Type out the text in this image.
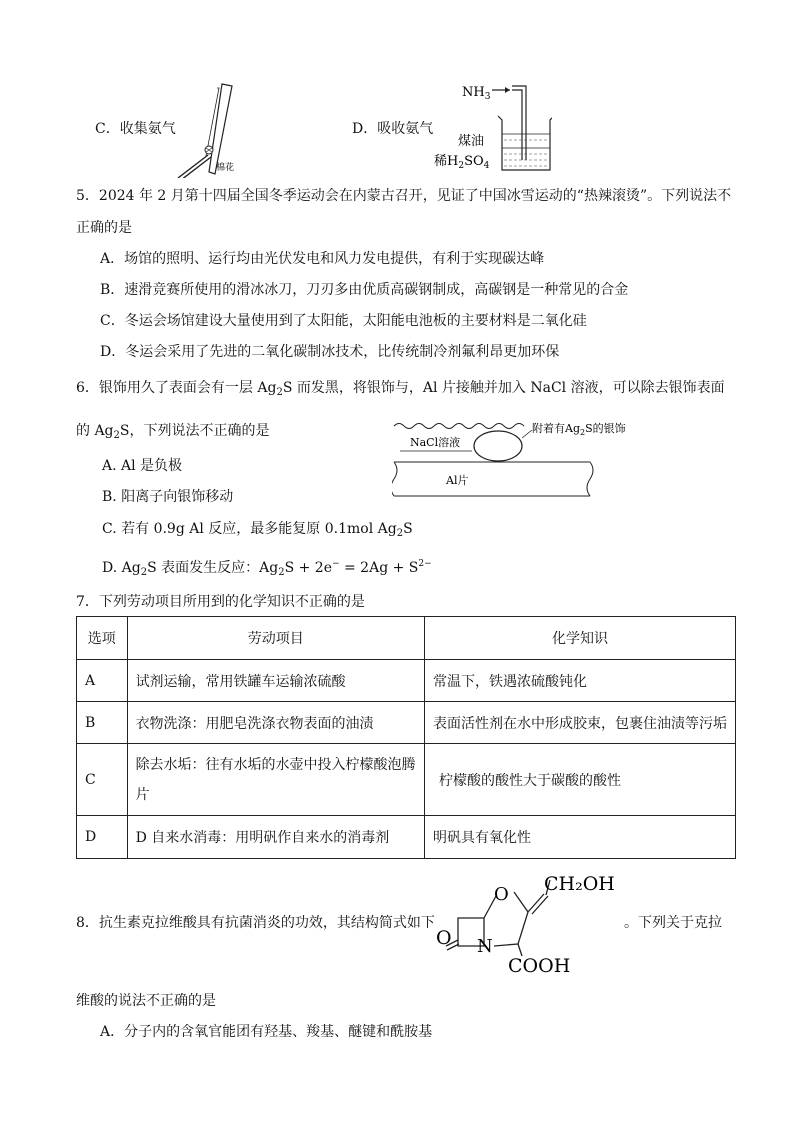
C．收集氨气
棉花
D．吸收氨气
$NH_3$
煤油
稀$H_2SO_4$
5．2024 年 2 月第十四届全国冬季运动会在内蒙古召开，见证了中国冰雪运动的“热辣滚烫”。下列说法不
正确的是
A．场馆的照明、运行均由光伏发电和风力发电提供，有利于实现碳达峰
B．速滑竞赛所使用的滑冰冰刀，刀刃多由优质高碳钢制成，高碳钢是一种常见的合金
C．冬运会场馆建设大量使用到了太阳能，太阳能电池板的主要材料是二氧化硅
D．冬运会采用了先进的二氧化碳制冰技术，比传统制冷剂氟利昂更加环保
6．银饰用久了表面会有一层 $Ag_2S$ 而发黑，将银饰与，Al 片接触并加入 NaCl 溶液，可以除去银饰表面
的 $Ag_2S$，下列说法不正确的是
NaCl溶液
附着有$Ag_2S$的银饰
Al片
A. Al 是负极
B. 阳离子向银饰移动
C. 若有 0.9g Al 反应，最多能复原 0.1mol $Ag_2S$
D. $Ag_2S$ 表面发生反应：$Ag_2S + 2e^- = 2Ag + S^{2-}$
7．下列劳动项目所用到的化学知识不正确的是
选项	劳动项目	化学知识
A	试剂运输，常用铁罐车运输浓硫酸	常温下，铁遇浓硫酸钝化
B	衣物洗涤：用肥皂洗涤衣物表面的油渍	表面活性剂在水中形成胶束，包裹住油渍等污垢
C	除去水垢：往有水垢的水壶中投入柠檬酸泡腾片	柠檬酸的酸性大于碳酸的酸性
D	D 自来水消毒：用明矾作自来水的消毒剂	明矾具有氧化性
8．抗生素克拉维酸具有抗菌消炎的功效，其结构简式如下
O N
O CH₂OH
COOH
。下列关于克拉
维酸的说法不正确的是
A．分子内的含氧官能团有羟基、羧基、醚键和酰胺基
